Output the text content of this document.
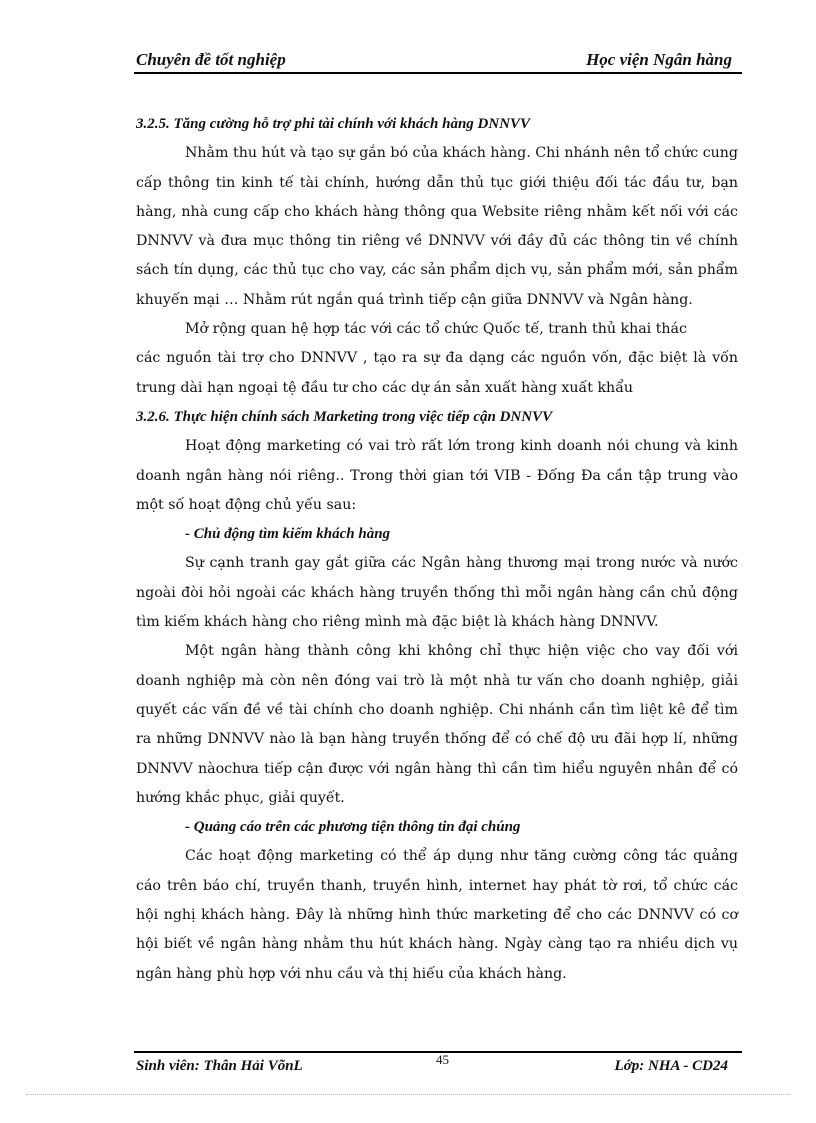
Chuyên đề tốt nghiệp	Học viện Ngân hàng

3.2.5. Tăng cường hỗ trợ phi tài chính với khách hàng DNNVV

Nhằm thu hút và tạo sự gắn bó của khách hàng. Chi nhánh nên tổ chức cung cấp thông tin kinh tế tài chính, hướng dẫn thủ tục giới thiệu đối tác đầu tư, bạn hàng, nhà cung cấp cho khách hàng thông qua Website riêng nhằm kết nối với các DNNVV và đưa mục thông tin riêng về DNNVV với đầy đủ các thông tin về chính sách tín dụng, các thủ tục cho vay, các sản phẩm dịch vụ, sản phẩm mới, sản phẩm khuyến mại … Nhằm rút ngắn quá trình tiếp cận giữa DNNVV và Ngân hàng.

Mở rộng quan hệ hợp tác với các tổ chức Quốc tế, tranh thủ khai thác

các nguồn tài trợ cho DNNVV , tạo ra sự đa dạng các nguồn vốn, đặc biệt là vốn trung dài hạn ngoại tệ đầu tư cho các dự án sản xuất hàng xuất khẩu

3.2.6. Thực hiện chính sách Marketing trong việc tiếp cận DNNVV

Hoạt động marketing có vai trò rất lớn trong kinh doanh nói chung và kinh doanh ngân hàng nói riêng.. Trong thời gian tới VIB - Đống Đa cần tập trung vào một số hoạt động chủ yếu sau:

- Chủ động tìm kiếm khách hàng

Sự cạnh tranh gay gắt giữa các Ngân hàng thương mại trong nước và nước ngoài đòi hỏi ngoài các khách hàng truyền thống thì mỗi ngân hàng cần chủ động tìm kiếm khách hàng cho riêng mình mà đặc biệt là khách hàng DNNVV.

Một ngân hàng thành công khi không chỉ thực hiện việc cho vay đối với doanh nghiệp mà còn nên đóng vai trò là một nhà tư vấn cho doanh nghiệp, giải quyết các vấn đề về tài chính cho doanh nghiệp. Chi nhánh cần tìm liệt kê để tìm ra những DNNVV nào là bạn hàng truyền thống để có chế độ ưu đãi hợp lí, những DNNVV nàochưa tiếp cận được với ngân hàng thì cần tìm hiểu nguyên nhân để có hướng khắc phục, giải quyết.

- Quảng cáo trên các phương tiện thông tin đại chúng

Các hoạt động marketing có thể áp dụng như tăng cường công tác quảng cáo trên báo chí, truyền thanh, truyền hình, internet hay phát tờ rơi, tổ chức các hội nghị khách hàng. Đây là những hình thức marketing để cho các DNNVV có cơ hội biết về ngân hàng nhằm thu hút khách hàng. Ngày càng tạo ra nhiều dịch vụ ngân hàng phù hợp với nhu cầu và thị hiếu của khách hàng.

Sinh viên: Thân Hải VõnL	45	Lớp: NHA - CD24
